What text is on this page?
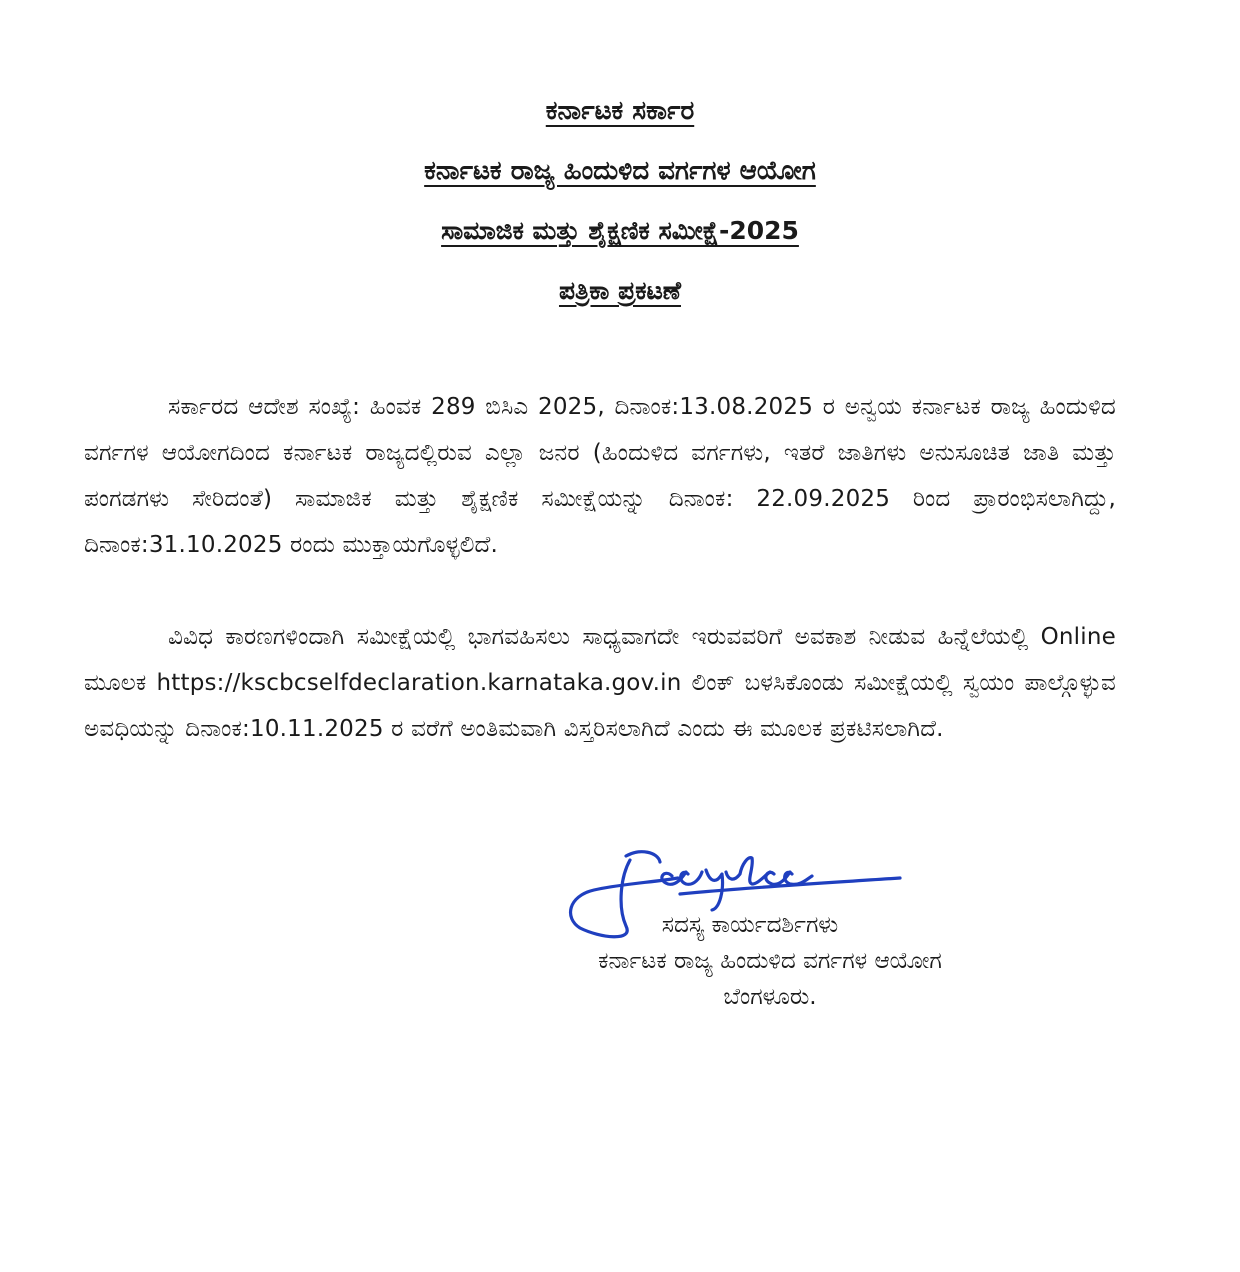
ಕರ್ನಾಟಕ ಸರ್ಕಾರ
ಕರ್ನಾಟಕ ರಾಜ್ಯ ಹಿಂದುಳಿದ ವರ್ಗಗಳ ಆಯೋಗ
ಸಾಮಾಜಿಕ ಮತ್ತು ಶೈಕ್ಷಣಿಕ ಸಮೀಕ್ಷೆ-2025
ಪತ್ರಿಕಾ ಪ್ರಕಟಣೆ
ಸರ್ಕಾರದ ಆದೇಶ ಸಂಖ್ಯೆ: ಹಿಂವಕ 289 ಬಿಸಿಎ 2025, ದಿನಾಂಕ:13.08.2025 ರ ಅನ್ವಯ ಕರ್ನಾಟಕ ರಾಜ್ಯ ಹಿಂದುಳಿದ ವರ್ಗಗಳ ಆಯೋಗದಿಂದ ಕರ್ನಾಟಕ ರಾಜ್ಯದಲ್ಲಿರುವ ಎಲ್ಲಾ ಜನರ (ಹಿಂದುಳಿದ ವರ್ಗಗಳು, ಇತರೆ ಜಾತಿಗಳು ಅನುಸೂಚಿತ ಜಾತಿ ಮತ್ತು ಪಂಗಡಗಳು ಸೇರಿದಂತೆ) ಸಾಮಾಜಿಕ ಮತ್ತು ಶೈಕ್ಷಣಿಕ ಸಮೀಕ್ಷೆಯನ್ನು ದಿನಾಂಕ: 22.09.2025 ರಿಂದ ಪ್ರಾರಂಭಿಸಲಾಗಿದ್ದು, ದಿನಾಂಕ:31.10.2025 ರಂದು ಮುಕ್ತಾಯಗೊಳ್ಳಲಿದೆ.
ವಿವಿಧ ಕಾರಣಗಳಿಂದಾಗಿ ಸಮೀಕ್ಷೆಯಲ್ಲಿ ಭಾಗವಹಿಸಲು ಸಾಧ್ಯವಾಗದೇ ಇರುವವರಿಗೆ ಅವಕಾಶ ನೀಡುವ ಹಿನ್ನೆಲೆಯಲ್ಲಿ Online ಮೂಲಕ https://kscbcselfdeclaration.karnataka.gov.in ಲಿಂಕ್ ಬಳಸಿಕೊಂಡು ಸಮೀಕ್ಷೆಯಲ್ಲಿ ಸ್ವಯಂ ಪಾಲ್ಗೊಳ್ಳುವ ಅವಧಿಯನ್ನು ದಿನಾಂಕ:10.11.2025 ರ ವರೆಗೆ ಅಂತಿಮವಾಗಿ ವಿಸ್ತರಿಸಲಾಗಿದೆ ಎಂದು ಈ ಮೂಲಕ ಪ್ರಕಟಿಸಲಾಗಿದೆ.
ಸದಸ್ಯ ಕಾರ್ಯದರ್ಶಿಗಳು
ಕರ್ನಾಟಕ ರಾಜ್ಯ ಹಿಂದುಳಿದ ವರ್ಗಗಳ ಆಯೋಗ
ಬೆಂಗಳೂರು.
